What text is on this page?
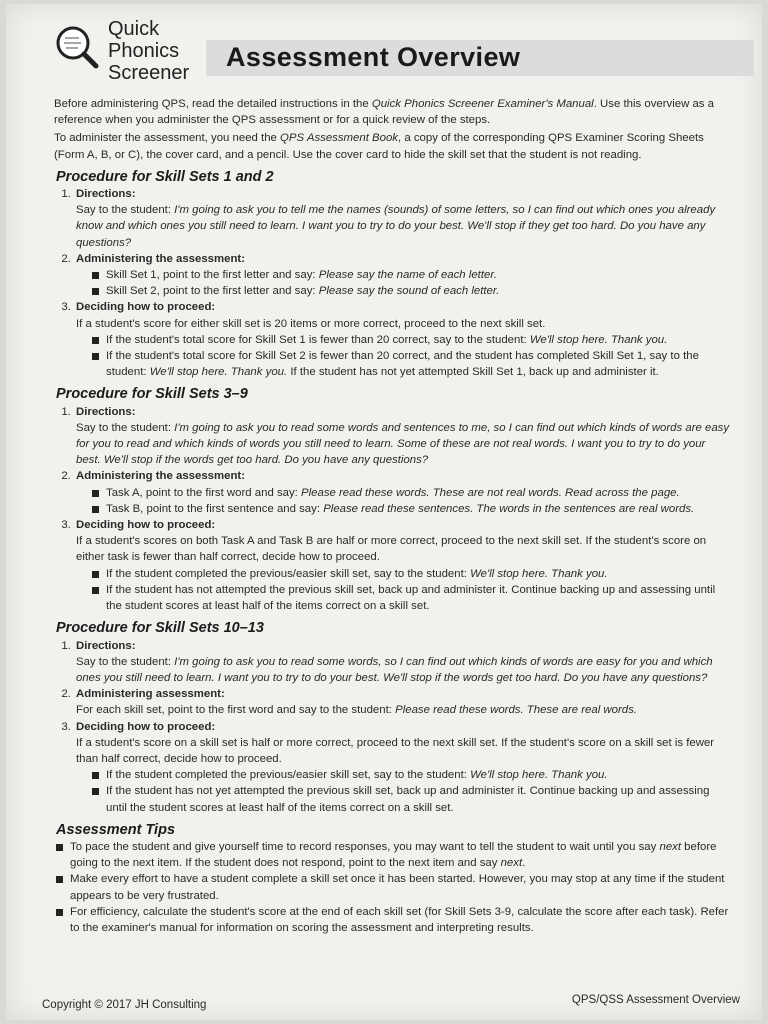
Quick
Phonics
Screener
Assessment Overview

Before administering QPS, read the detailed instructions in the Quick Phonics Screener Examiner's Manual. Use this overview as a reference when you administer the QPS assessment or for a quick review of the steps.

To administer the assessment, you need the QPS Assessment Book, a copy of the corresponding QPS Examiner Scoring Sheets (Form A, B, or C), the cover card, and a pencil. Use the cover card to hide the skill set that the student is not reading.

Procedure for Skill Sets 1 and 2
1. Directions:
Say to the student: I'm going to ask you to tell me the names (sounds) of some letters, so I can find out which ones you already know and which ones you still need to learn. I want you to try to do your best. We'll stop if they get too hard. Do you have any questions?
2. Administering the assessment:
Skill Set 1, point to the first letter and say: Please say the name of each letter.
Skill Set 2, point to the first letter and say: Please say the sound of each letter.
3. Deciding how to proceed:
If a student's score for either skill set is 20 items or more correct, proceed to the next skill set.
If the student's total score for Skill Set 1 is fewer than 20 correct, say to the student: We'll stop here. Thank you.
If the student's total score for Skill Set 2 is fewer than 20 correct, and the student has completed Skill Set 1, say to the student: We'll stop here. Thank you. If the student has not yet attempted Skill Set 1, back up and administer it.
Procedure for Skill Sets 3–9
1. Directions:
Say to the student: I'm going to ask you to read some words and sentences to me, so I can find out which kinds of words are easy for you to read and which kinds of words you still need to learn. Some of these are not real words. I want you to try to do your best. We'll stop if the words get too hard. Do you have any questions?
2. Administering the assessment:
Task A, point to the first word and say: Please read these words. These are not real words. Read across the page.
Task B, point to the first sentence and say: Please read these sentences. The words in the sentences are real words.
3. Deciding how to proceed:
If a student's scores on both Task A and Task B are half or more correct, proceed to the next skill set. If the student's score on either task is fewer than half correct, decide how to proceed.
If the student completed the previous/easier skill set, say to the student: We'll stop here. Thank you.
If the student has not attempted the previous skill set, back up and administer it. Continue backing up and assessing until the student scores at least half of the items correct on a skill set.
Procedure for Skill Sets 10–13
1. Directions:
Say to the student: I'm going to ask you to read some words, so I can find out which kinds of words are easy for you and which ones you still need to learn. I want you to try to do your best. We'll stop if the words get too hard. Do you have any questions?
2. Administering assessment:
For each skill set, point to the first word and say to the student: Please read these words. These are real words.
3. Deciding how to proceed:
If a student's score on a skill set is half or more correct, proceed to the next skill set. If the student's score on a skill set is fewer than half correct, decide how to proceed.
If the student completed the previous/easier skill set, say to the student: We'll stop here. Thank you.
If the student has not yet attempted the previous skill set, back up and administer it. Continue backing up and assessing until the student scores at least half of the items correct on a skill set.
Assessment Tips
To pace the student and give yourself time to record responses, you may want to tell the student to wait until you say next before going to the next item. If the student does not respond, point to the next item and say next.
Make every effort to have a student complete a skill set once it has been started. However, you may stop at any time if the student appears to be very frustrated.
For efficiency, calculate the student's score at the end of each skill set (for Skill Sets 3-9, calculate the score after each task). Refer to the examiner's manual for information on scoring the assessment and interpreting results.
Copyright © 2017 JH Consulting	QPS/QSS Assessment Overview
